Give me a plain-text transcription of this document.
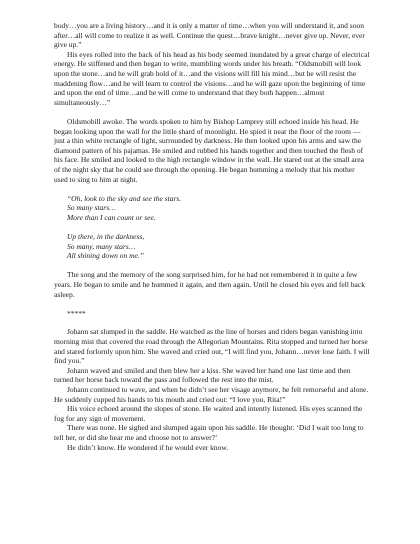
body…you are a living history…and it is only a matter of time…when you will understand it, and soon after…all will come to realize it as well. Continue the quest…brave knight…never give up. Never, ever give up.”

His eyes rolled into the back of his head as his body seemed inundated by a great charge of electrical energy. He stiffened and then began to write, mumbling words under his breath. “Oldsmobill will look upon the stone…and he will grab hold of it…and the visions will fill his mind…but he will resist the maddening flow…and he will learn to control the visions…and he will gaze upon the beginning of time and upon the end of time…and he will come to understand that they both happen…almost simultaneously…”

Oldsmobill awoke. The words spoken to him by Bishop Lamprey still echoed inside his head. He began looking upon the wall for the little shard of moonlight. He spied it near the floor of the room — just a thin white rectangle of light, surrounded by darkness. He then looked upon his arms and saw the diamond pattern of his pajamas. He smiled and rubbed his hands together and then touched the flesh of his face. He smiled and looked to the high rectangle window in the wall. He stared out at the small area of the night sky that he could see through the opening. He began humming a melody that his mother used to sing to him at night.

“Oh, look to the sky and see the stars.

So many stars…

More than I can count or see.

Up there, in the darkness,

So many, many stars…

All shining down on me.”

The song and the memory of the song surprised him, for he had not remembered it in quite a few years. He began to smile and he hummed it again, and then again. Until he closed his eyes and fell back asleep.

*****

Johann sat slumped in the saddle. He watched as the line of horses and riders began vanishing into morning mist that covered the road through the Allegorian Mountains. Rita stopped and turned her horse and stared forlornly upon him. She waved and cried out, “I will find you, Johann…never lose faith. I will find you.”

Johann waved and smiled and then blew her a kiss. She waved her hand one last time and then turned her horse back toward the pass and followed the rest into the mist.

Johann continued to wave, and when he didn’t see her visage anymore, he felt remorseful and alone. He suddenly cupped his hands to his mouth and cried out: “I love you, Rita!”

His voice echoed around the slopes of stone. He waited and intently listened. His eyes scanned the fog for any sign of movement.

There was none. He sighed and slumped again upon his saddle. He thought: ‘Did I wait too long to tell her, or did she hear me and choose not to answer?’

He didn’t know. He wondered if he would ever know.
